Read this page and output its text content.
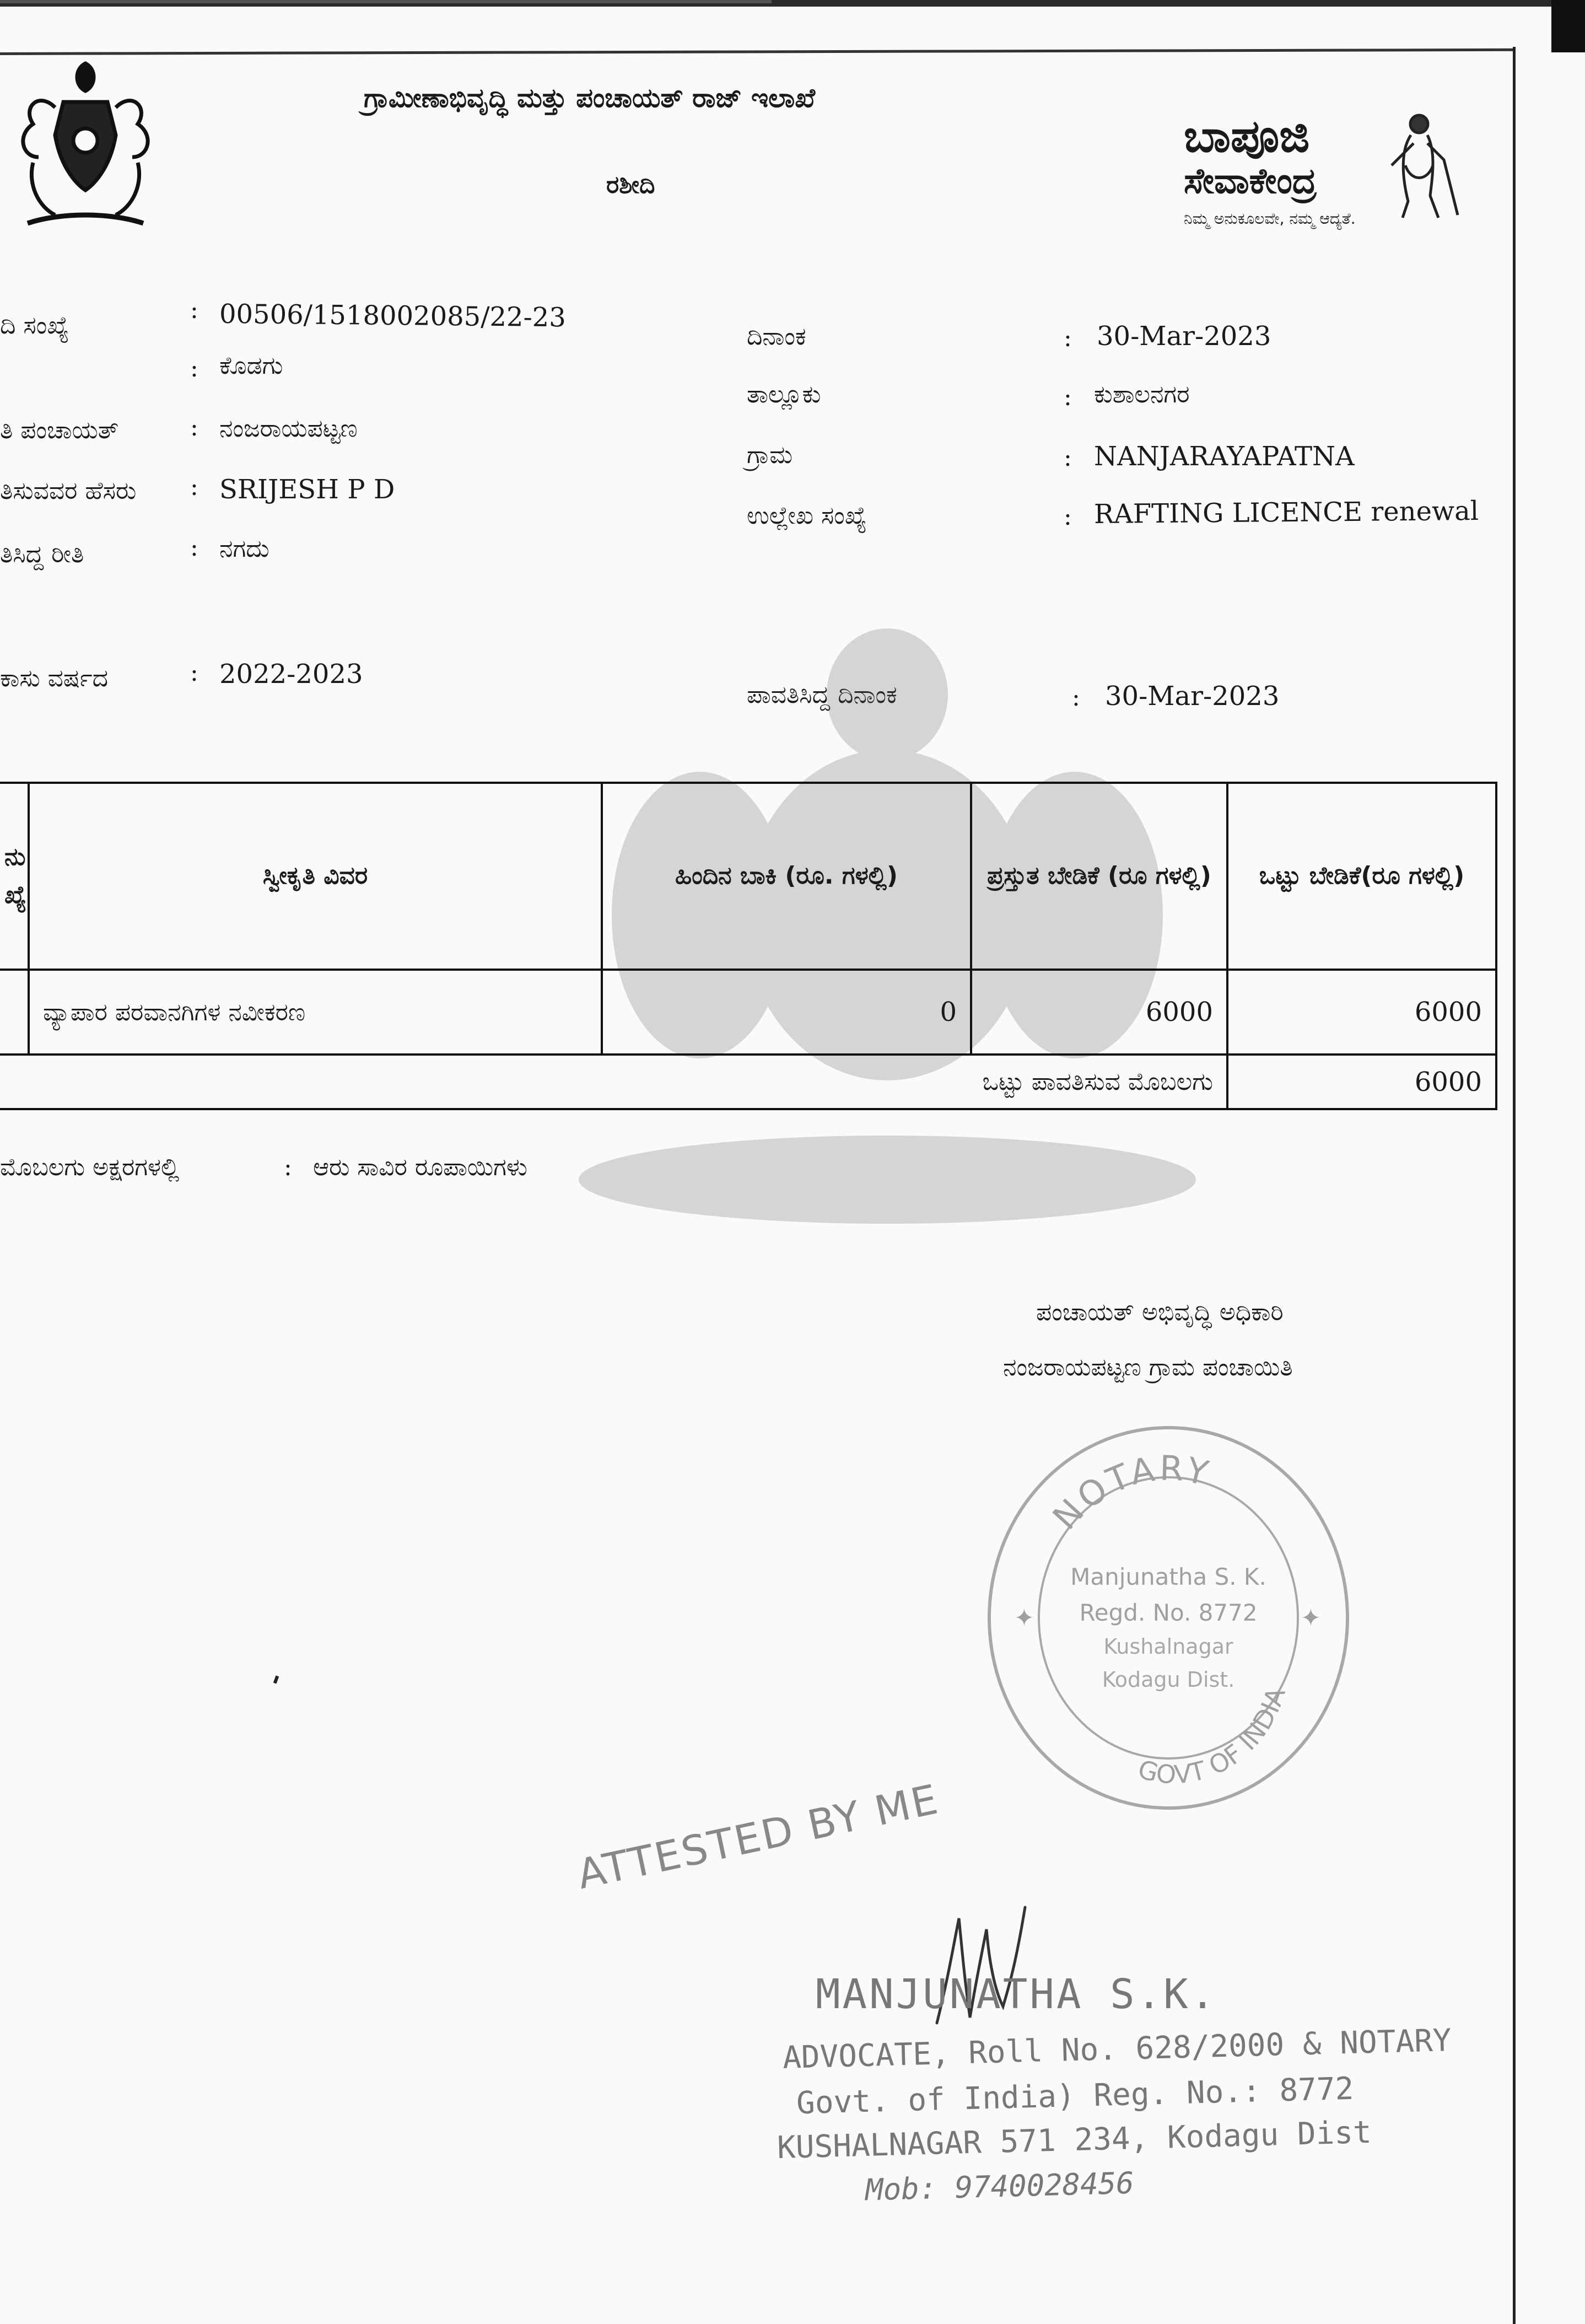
ಗ್ರಾಮೀಣಾಭಿವೃದ್ಧಿ ಮತ್ತು ಪಂಚಾಯತ್ ರಾಜ್ ಇಲಾಖೆ
ರಶೀದಿ
ಬಾಪೂಜಿ
ಸೇವಾಕೇಂದ್ರ
ನಿಮ್ಮ ಅನುಕೂಲವೇ, ನಮ್ಮ ಆದ್ಯತೆ.
ದಿ ಸಂಖ್ಯೆ
: 00506/1518002085/22-23
: ಕೊಡಗು
ತಿ ಪಂಚಾಯತ್	: ನಂಜರಾಯಪಟ್ಟಣ
ತಿಸುವವರ ಹೆಸರು : SRIJESH P D
ತಿಸಿದ್ದ ರೀತಿ	: ನಗದು
ಕಾಸು ವರ್ಷದ	: 2022-2023
ದಿನಾಂಕ	: 30-Mar-2023
ತಾಲ್ಲೂಕು	: ಕುಶಾಲನಗರ
ಗ್ರಾಮ	: NANJARAYAPATNA
ಉಲ್ಲೇಖ ಸಂಖ್ಯೆ	: RAFTING LICENCE renewal
ಪಾವತಿಸಿದ್ದ ದಿನಾಂಕ	: 30-Mar-2023
ನು ಖ್ಯೆ	ಸ್ವೀಕೃತಿ ವಿವರ	ಹಿಂದಿನ ಬಾಕಿ (ರೂ. ಗಳಲ್ಲಿ)	ಪ್ರಸ್ತುತ ಬೇಡಿಕೆ (ರೂ ಗಳಲ್ಲಿ)	ಒಟ್ಟು ಬೇಡಿಕೆ(ರೂ ಗಳಲ್ಲಿ)
	ವ್ಯಾಪಾರ ಪರವಾನಗಿಗಳ ನವೀಕರಣ	0	6000	6000
ಒಟ್ಟು ಪಾವತಿಸುವ ಮೊಬಲಗು				6000
ಮೊಬಲಗು ಅಕ್ಷರಗಳಲ್ಲಿ	: ಆರು ಸಾವಿರ ರೂಪಾಯಿಗಳು
ಪಂಚಾಯತ್ ಅಭಿವೃದ್ಧಿ ಅಧಿಕಾರಿ
ನಂಜರಾಯಪಟ್ಟಣ ಗ್ರಾಮ ಪಂಚಾಯಿತಿ
NOTARY
Manjunatha S. K.
Regd. No. 8772
Kushalnagar
Kodagu Dist.
GOVT OF INDIA
✦	✦
ATTESTED BY ME
MANJUNATHA S.K.
ADVOCATE, Roll No. 628/2000 & NOTARY
Govt. of India) Reg. No.: 8772
KUSHALNAGAR 571 234, Kodagu Dist
Mob: 9740028456
